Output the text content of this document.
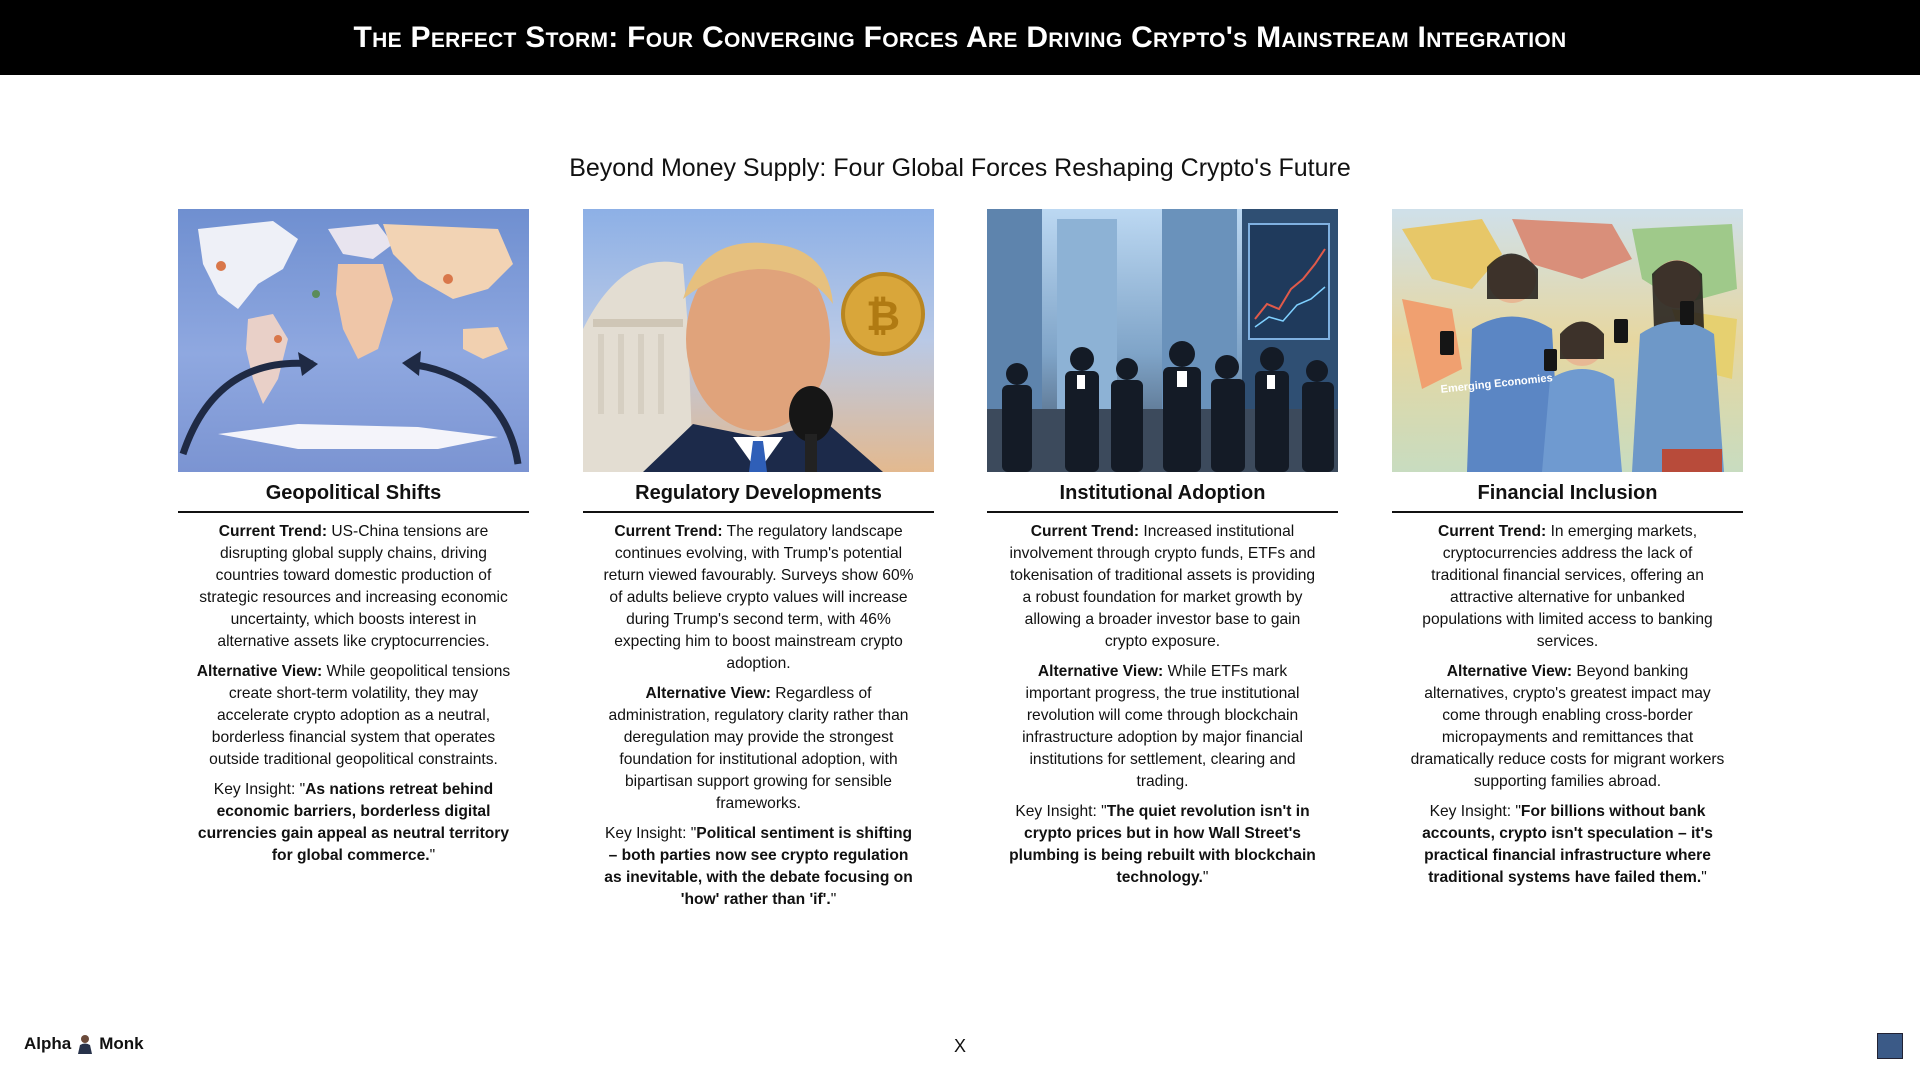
The Perfect Storm: Four Converging Forces Are Driving Crypto's Mainstream Integration
Beyond Money Supply: Four Global Forces Reshaping Crypto's Future
Geopolitical Shifts

Current Trend: US-China tensions are disrupting global supply chains, driving countries toward domestic production of strategic resources and increasing economic uncertainty, which boosts interest in alternative assets like cryptocurrencies.

Alternative View: While geopolitical tensions create short-term volatility, they may accelerate crypto adoption as a neutral, borderless financial system that operates outside traditional geopolitical constraints.

Key Insight: "As nations retreat behind economic barriers, borderless digital currencies gain appeal as neutral territory for global commerce."

₿
Regulatory Developments

Current Trend: The regulatory landscape continues evolving, with Trump's potential return viewed favourably. Surveys show 60% of adults believe crypto values will increase during Trump's second term, with 46% expecting him to boost mainstream crypto adoption.

Alternative View: Regardless of administration, regulatory clarity rather than deregulation may provide the strongest foundation for institutional adoption, with bipartisan support growing for sensible frameworks.

Key Insight: "Political sentiment is shifting – both parties now see crypto regulation as inevitable, with the debate focusing on 'how' rather than 'if'."

Institutional Adoption

Current Trend: Increased institutional involvement through crypto funds, ETFs and tokenisation of traditional assets is providing a robust foundation for market growth by allowing a broader investor base to gain crypto exposure.

Alternative View: While ETFs mark important progress, the true institutional revolution will come through blockchain infrastructure adoption by major financial institutions for settlement, clearing and trading.

Key Insight: "The quiet revolution isn't in crypto prices but in how Wall Street's plumbing is being rebuilt with blockchain technology."

Emerging Economies
Financial Inclusion

Current Trend: In emerging markets, cryptocurrencies address the lack of traditional financial services, offering an attractive alternative for unbanked populations with limited access to banking services.

Alternative View: Beyond banking alternatives, crypto's greatest impact may come through enabling cross-border micropayments and remittances that dramatically reduce costs for migrant workers supporting families abroad.

Key Insight: "For billions without bank accounts, crypto isn't speculation – it's practical financial infrastructure where traditional systems have failed them."

Alpha Monk	X
